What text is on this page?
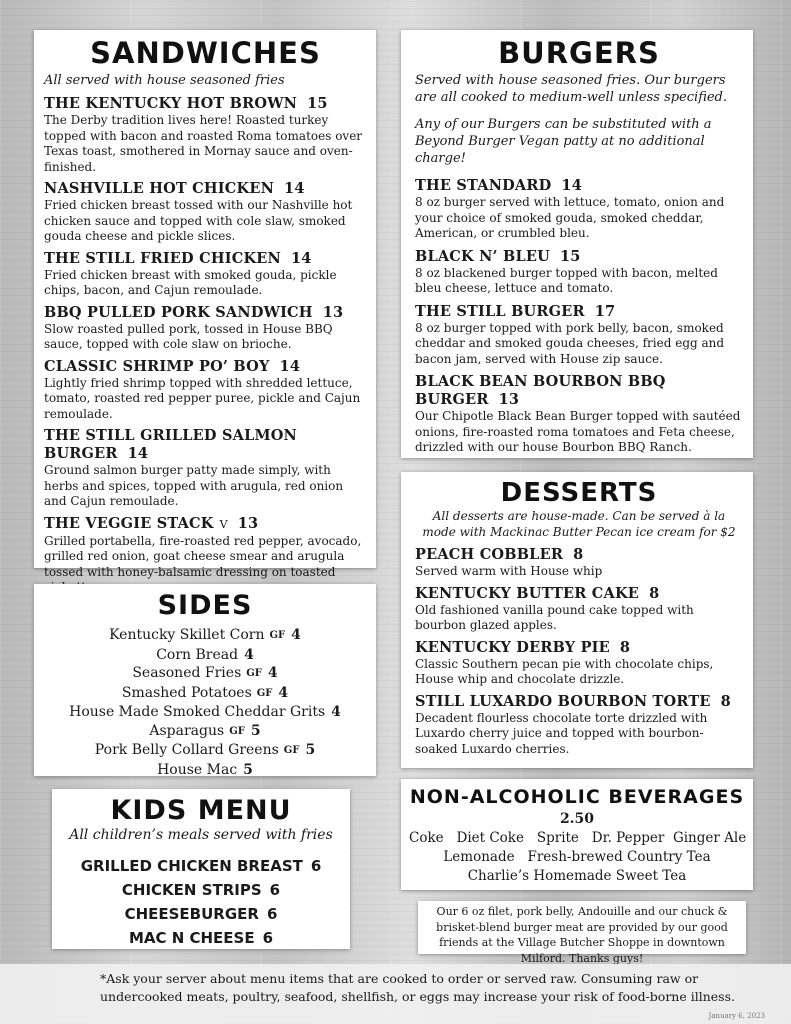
SANDWICHES
All served with house seasoned fries
THE KENTUCKY HOT BROWN 15
The Derby tradition lives here! Roasted turkey topped with bacon and roasted Roma tomatoes over Texas toast, smothered in Mornay sauce and oven-finished.
NASHVILLE HOT CHICKEN 14
Fried chicken breast tossed with our Nashville hot chicken sauce and topped with cole slaw, smoked gouda cheese and pickle slices.
THE STILL FRIED CHICKEN 14
Fried chicken breast with smoked gouda, pickle chips, bacon, and Cajun remoulade.
BBQ PULLED PORK SANDWICH 13
Slow roasted pulled pork, tossed in House BBQ sauce, topped with cole slaw on brioche.
CLASSIC SHRIMP PO’ BOY 14
Lightly fried shrimp topped with shredded lettuce, tomato, roasted red pepper puree, pickle and Cajun remoulade.
THE STILL GRILLED SALMON BURGER 14
Ground salmon burger patty made simply, with herbs and spices, topped with arugula, red onion and Cajun remoulade.
THE VEGGIE STACK V 13
Grilled portabella, fire-roasted red pepper, avocado, grilled red onion, goat cheese smear and arugula tossed with honey-balsamic dressing on toasted
BURGERS
Served with house seasoned fries. Our burgers are all cooked to medium-well unless specified.
Any of our Burgers can be substituted with a Beyond Burger Vegan patty at no additional charge!
THE STANDARD 14
8 oz burger served with lettuce, tomato, onion and your choice of smoked gouda, smoked cheddar, American, or crumbled bleu.
BLACK N’ BLEU 15
8 oz blackened burger topped with bacon, melted bleu cheese, lettuce and tomato.
THE STILL BURGER 17
8 oz burger topped with pork belly, bacon, smoked cheddar and smoked gouda cheeses, fried egg and bacon jam, served with House zip sauce.
BLACK BEAN BOURBON BBQ BURGER 13
Our Chipotle Black Bean Burger topped with sautéed onions, fire-roasted roma tomatoes and Feta cheese, drizzled with our house Bourbon BBQ Ranch.
DESSERTS
All desserts are house-made. Can be served à la mode with Mackinac Butter Pecan ice cream for $2
PEACH COBBLER 8
Served warm with House whip
KENTUCKY BUTTER CAKE 8
Old fashioned vanilla pound cake topped with bourbon glazed apples.
KENTUCKY DERBY PIE 8
Classic Southern pecan pie with chocolate chips, House whip and chocolate drizzle.
STILL LUXARDO BOURBON TORTE 8
Decadent flourless chocolate torte drizzled with Luxardo cherry juice and topped with bourbon-soaked Luxardo cherries.
SIDES
Kentucky Skillet Corn GF 4
Corn Bread 4
Seasoned Fries GF 4
Smashed Potatoes GF 4
House Made Smoked Cheddar Grits 4
Asparagus GF 5
Pork Belly Collard Greens GF 5
House Mac 5
KIDS MENU
All children’s meals served with fries
GRILLED CHICKEN BREAST 6
CHICKEN STRIPS 6
CHEESEBURGER 6
MAC N CHEESE 6
NON-ALCOHOLIC BEVERAGES
2.50
Coke   Diet Coke   Sprite   Dr. Pepper  Ginger Ale
Lemonade   Fresh-brewed Country Tea
Charlie’s Homemade Sweet Tea
Our 6 oz filet, pork belly, Andouille and our chuck & brisket-blend burger meat are provided by our good friends at the Village Butcher Shoppe in downtown Milford. Thanks guys!
*Ask your server about menu items that are cooked to order or served raw. Consuming raw or undercooked meats, poultry, seafood, shellfish, or eggs may increase your risk of food-borne illness.
January 6, 2023
